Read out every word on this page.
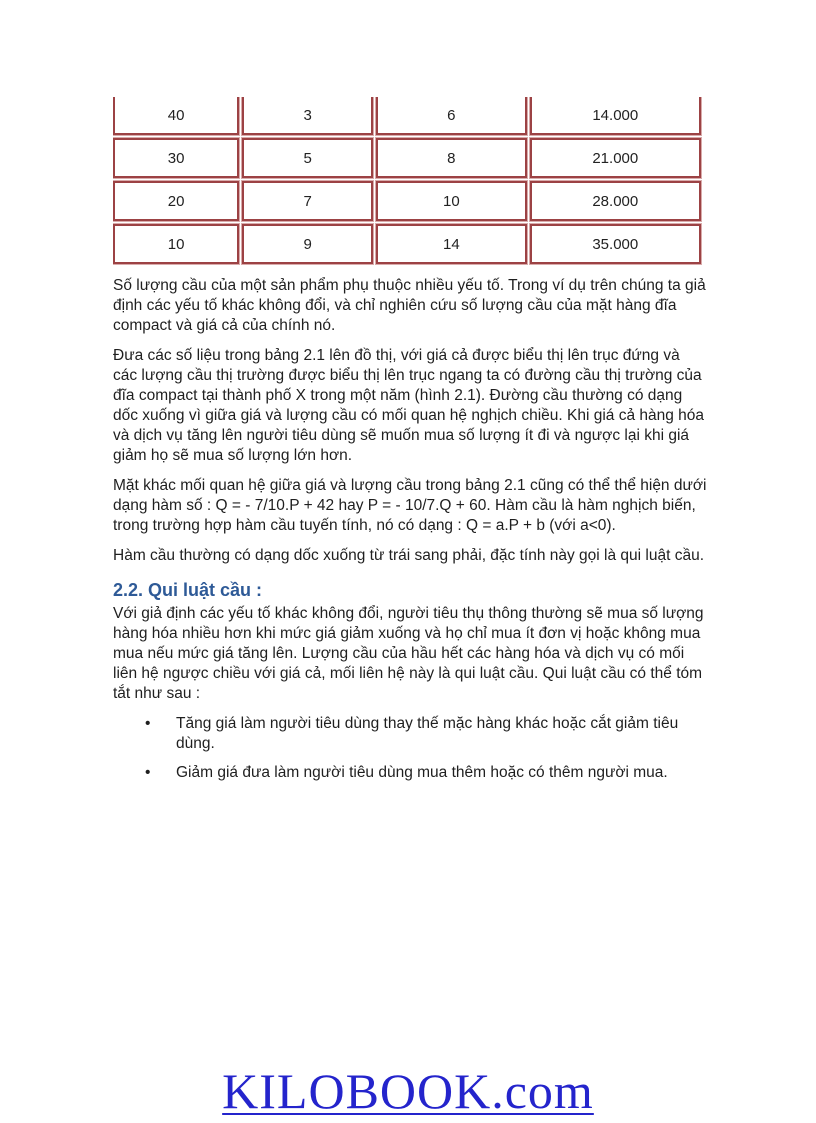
40	3	6	14.000
30	5	8	21.000
20	7	10	28.000
10	9	14	35.000

Số lượng cầu của một sản phẩm phụ thuộc nhiều yếu tố. Trong ví dụ trên chúng ta giả định các yếu tố khác không đổi, và chỉ nghiên cứu số lượng cầu của mặt hàng đĩa compact và giá cả của chính nó.

Đưa các số liệu trong bảng 2.1 lên đồ thị, với giá cả được biểu thị lên trục đứng và các lượng cầu thị trường được biểu thị lên trục ngang ta có đường cầu thị trường của đĩa compact tại thành phố X trong một năm (hình 2.1). Đường cầu thường có dạng dốc xuống vì giữa giá và lượng cầu có mối quan hệ nghịch chiều. Khi giá cả hàng hóa và dịch vụ tăng lên người tiêu dùng sẽ muốn mua số lượng ít đi và ngược lại khi giá giảm họ sẽ mua số lượng lớn hơn.

Mặt khác mối quan hệ giữa giá và lượng cầu trong bảng 2.1 cũng có thể thể hiện dưới dạng hàm số : Q = - 7/10.P + 42 hay P = - 10/7.Q + 60. Hàm cầu là hàm nghịch biến, trong trường hợp hàm cầu tuyến tính, nó có dạng : Q = a.P + b (với a<0).

Hàm cầu thường có dạng dốc xuống từ trái sang phải, đặc tính này gọi là qui luật cầu.

2.2. Qui luật cầu :

Với giả định các yếu tố khác không đổi, người tiêu thụ thông thường sẽ mua số lượng hàng hóa nhiều hơn khi mức giá giảm xuống và họ chỉ mua ít đơn vị hoặc không mua mua nếu mức giá tăng lên. Lượng cầu của hầu hết các hàng hóa và dịch vụ có mối liên hệ ngược chiều với giá cả, mối liên hệ này là qui luật cầu. Qui luật cầu có thể tóm tắt như sau :

• Tăng giá làm người tiêu dùng thay thế mặc hàng khác hoặc cắt giảm tiêu dùng.
• Giảm giá đưa làm người tiêu dùng mua thêm hoặc có thêm người mua.
KILOBOOK.com
